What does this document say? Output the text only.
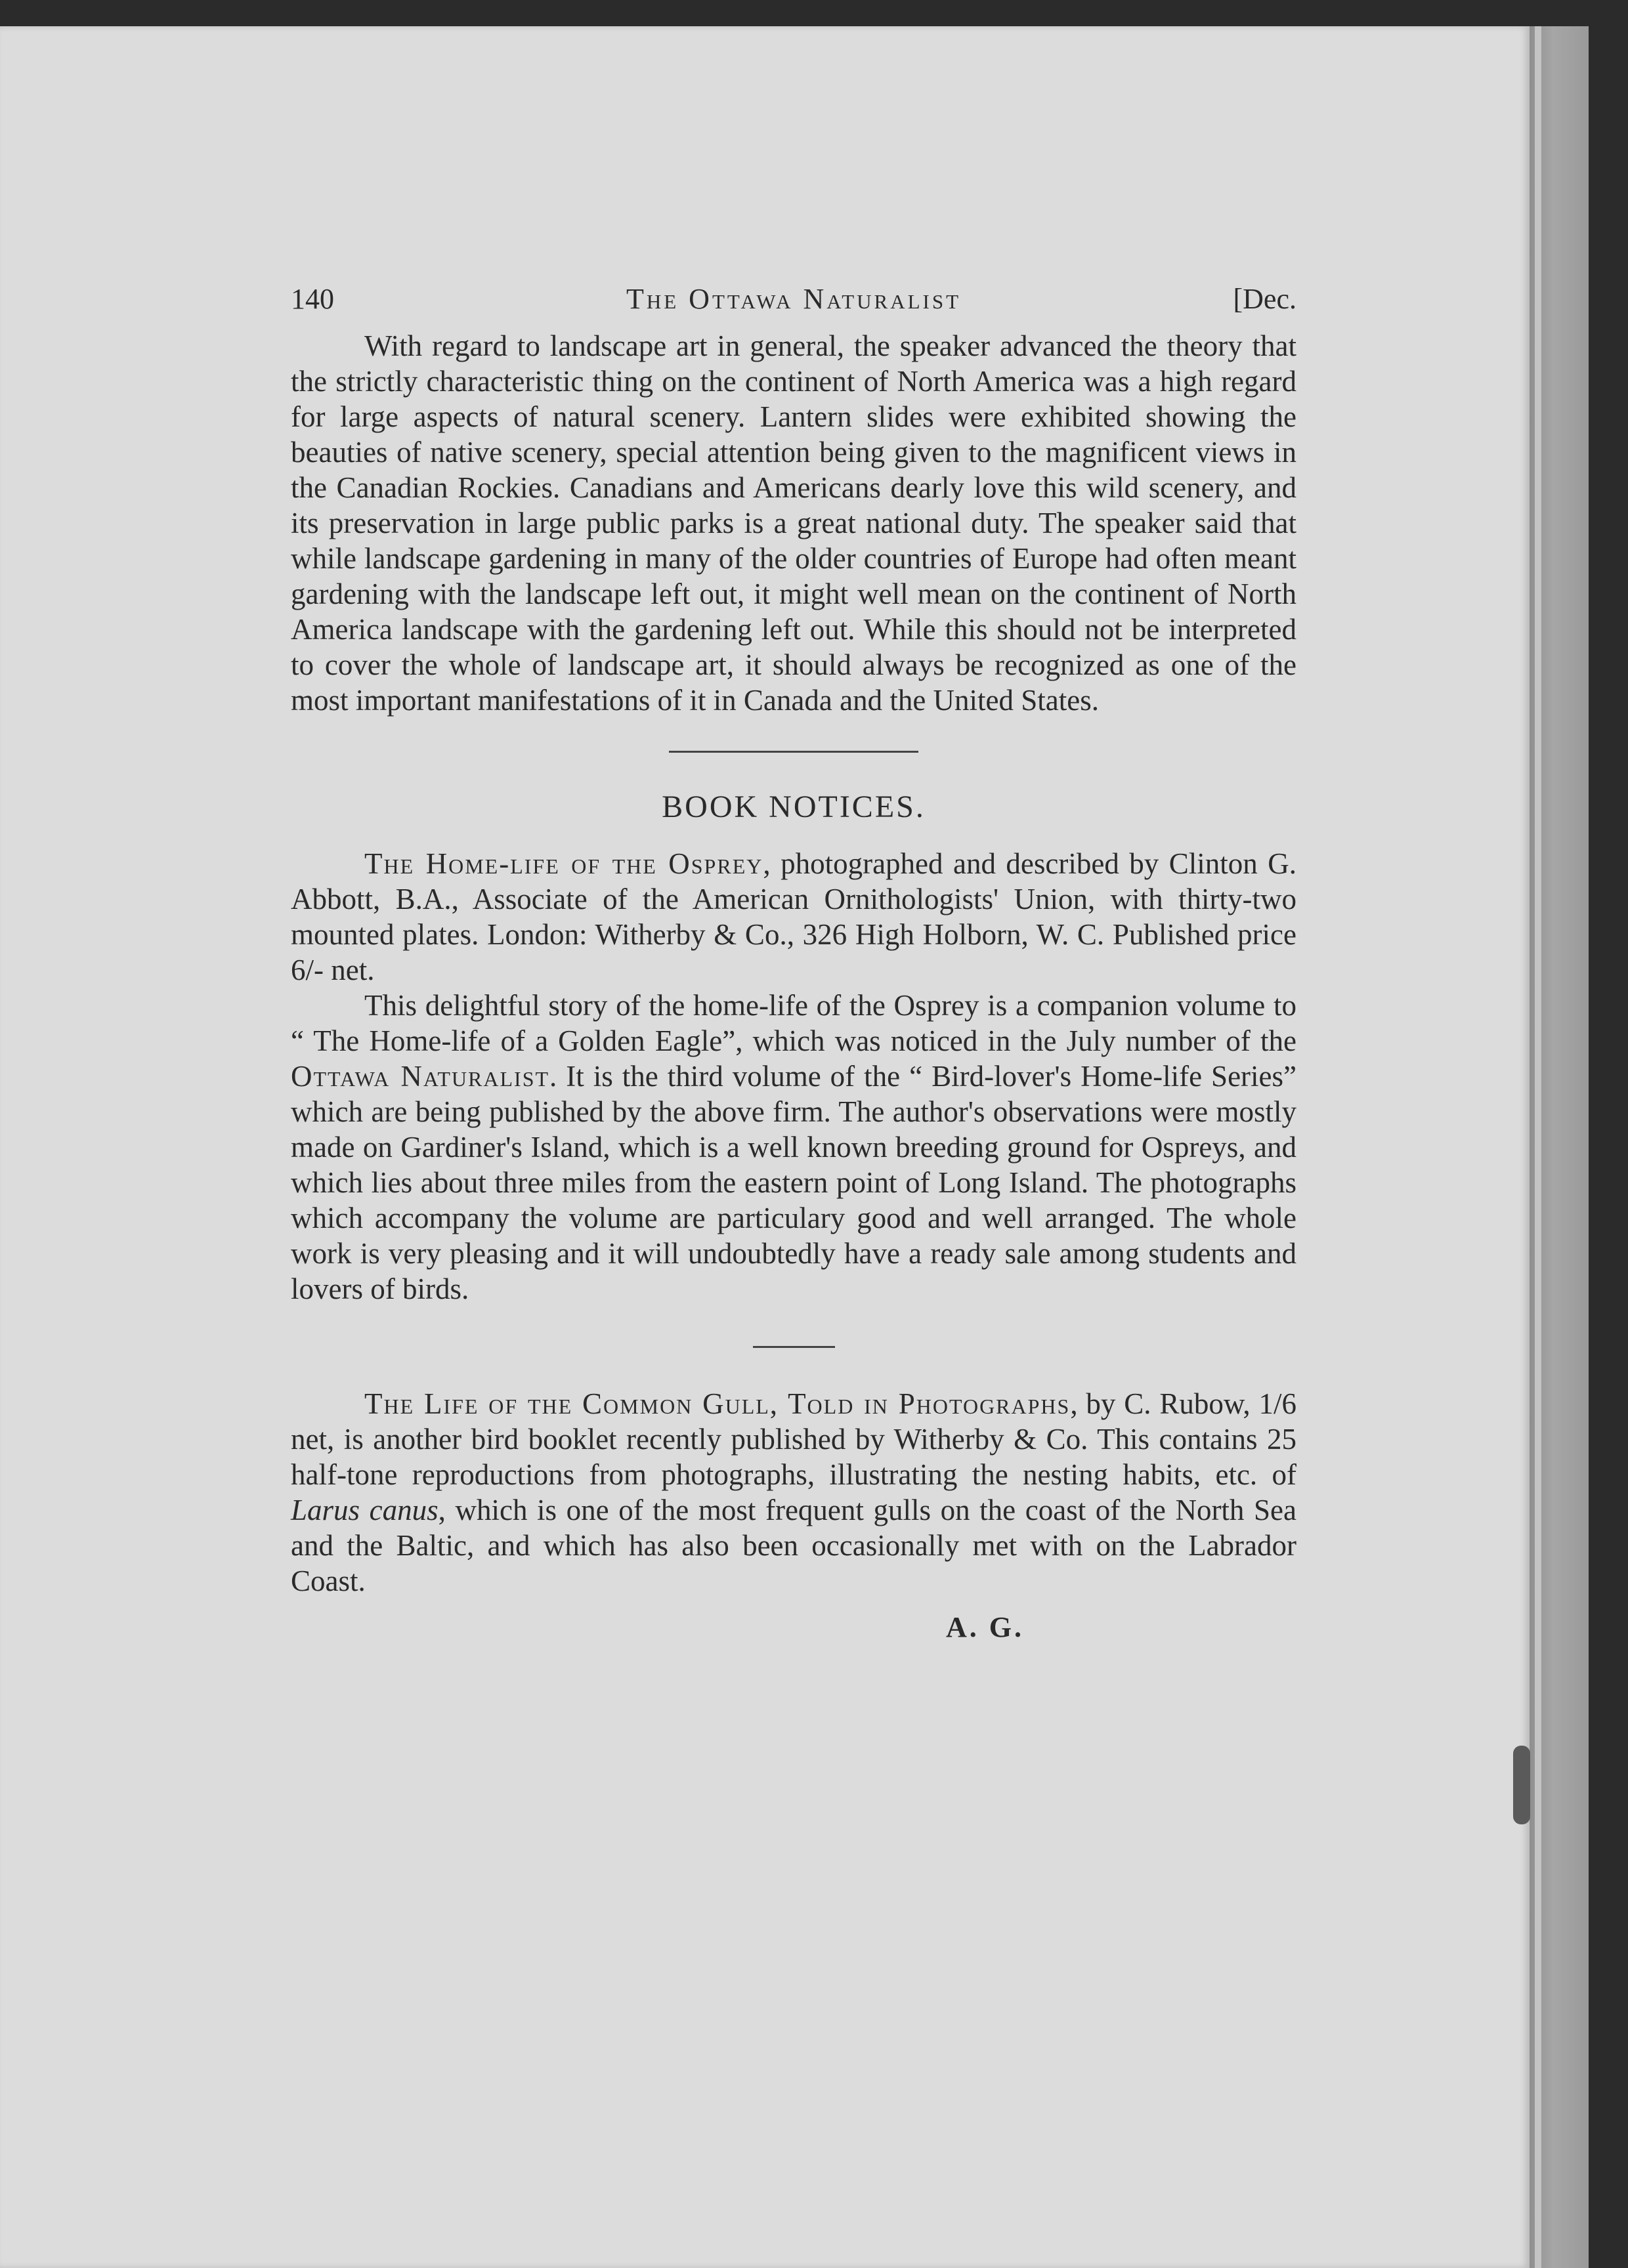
140	The Ottawa Naturalist	[Dec.

With regard to landscape art in general, the speaker advanced the theory that the strictly characteristic thing on the continent of North America was a high regard for large aspects of natural scenery. Lantern slides were exhibited showing the beauties of native scenery, special attention being given to the magnificent views in the Canadian Rockies. Canadians and Americans dearly love this wild scenery, and its preservation in large public parks is a great national duty. The speaker said that while landscape gardening in many of the older countries of Europe had often meant gardening with the landscape left out, it might well mean on the continent of North America landscape with the gardening left out. While this should not be interpreted to cover the whole of landscape art, it should always be recognized as one of the most important manifestations of it in Canada and the United States.

BOOK NOTICES.

The Home-life of the Osprey, photographed and described by Clinton G. Abbott, B.A., Associate of the American Ornithologists' Union, with thirty-two mounted plates. London: Witherby & Co., 326 High Holborn, W. C. Published price 6/- net.

This delightful story of the home-life of the Osprey is a companion volume to “ The Home-life of a Golden Eagle”, which was noticed in the July number of the Ottawa Naturalist. It is the third volume of the “ Bird-lover's Home-life Series” which are being published by the above firm. The author's observations were mostly made on Gardiner's Island, which is a well known breeding ground for Ospreys, and which lies about three miles from the eastern point of Long Island. The photographs which accompany the volume are particulary good and well arranged. The whole work is very pleasing and it will undoubtedly have a ready sale among students and lovers of birds.

The Life of the Common Gull, Told in Photographs, by C. Rubow, 1/6 net, is another bird booklet recently published by Witherby & Co. This contains 25 half-tone reproductions from photographs, illustrating the nesting habits, etc. of Larus canus, which is one of the most frequent gulls on the coast of the North Sea and the Baltic, and which has also been occasionally met with on the Labrador Coast.

A. G.
